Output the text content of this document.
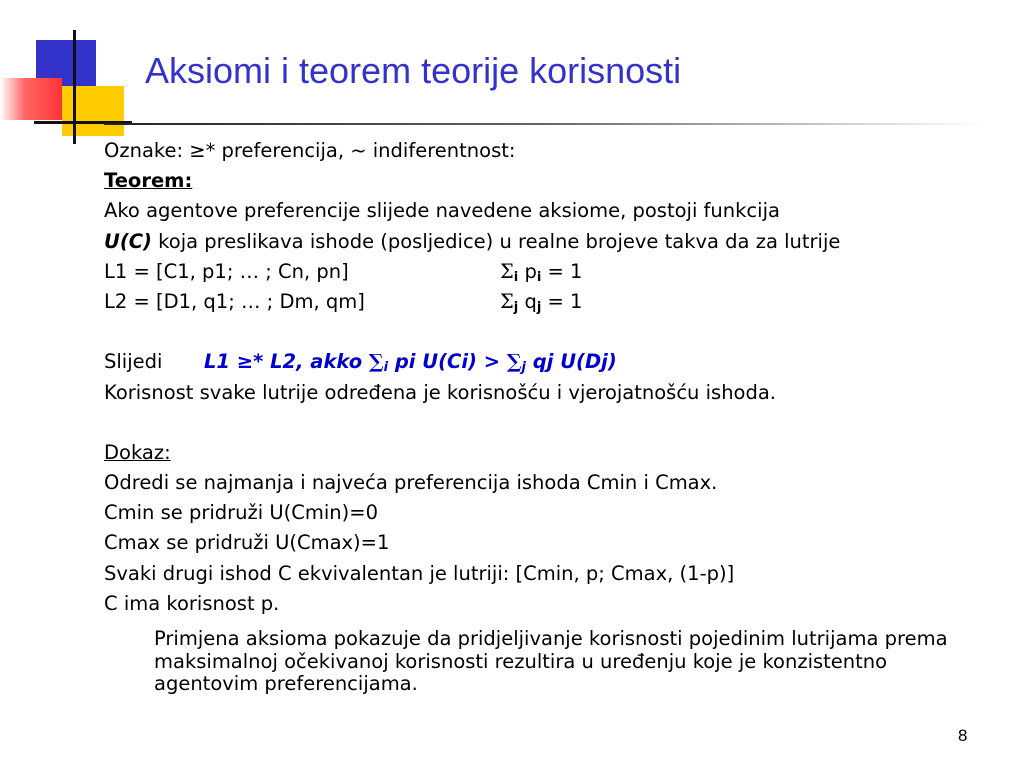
Aksiomi i teorem teorije korisnosti
Oznake: ≥* preferencija, ~ indiferentnost:
Teorem:
Ako agentove preferencije slijede navedene aksiome, postoji funkcija
U(C) koja preslikava ishode (posljedice) u realne brojeve takva da za lutrije
L1 = [C1, p1; … ; Cn, pn]	$\Sigma_i$ $p_i = 1$
L2 = [D1, q1; … ; Dm, qm]	$\Sigma_j$ $q_j = 1$
Slijedi L1 ≥* L2, akko $\sum_i$ pi $U(Ci) > \sum_j$ qj U(Dj)
Korisnost svake lutrije određena je korisnošću i vjerojatnošću ishoda.
Dokaz:
Odredi se najmanja i najveća preferencija ishoda Cmin i Cmax.
Cmin se pridruži U(Cmin)=0
Cmax se pridruži U(Cmax)=1
Svaki drugi ishod C ekvivalentan je lutriji: [Cmin, p; Cmax, (1-p)]
C ima korisnost p.
Primjena aksioma pokazuje da pridjeljivanje korisnosti pojedinim lutrijama prema maksimalnoj očekivanoj korisnosti rezultira u uređenju koje je konzistentno agentovim preferencijama.
8
